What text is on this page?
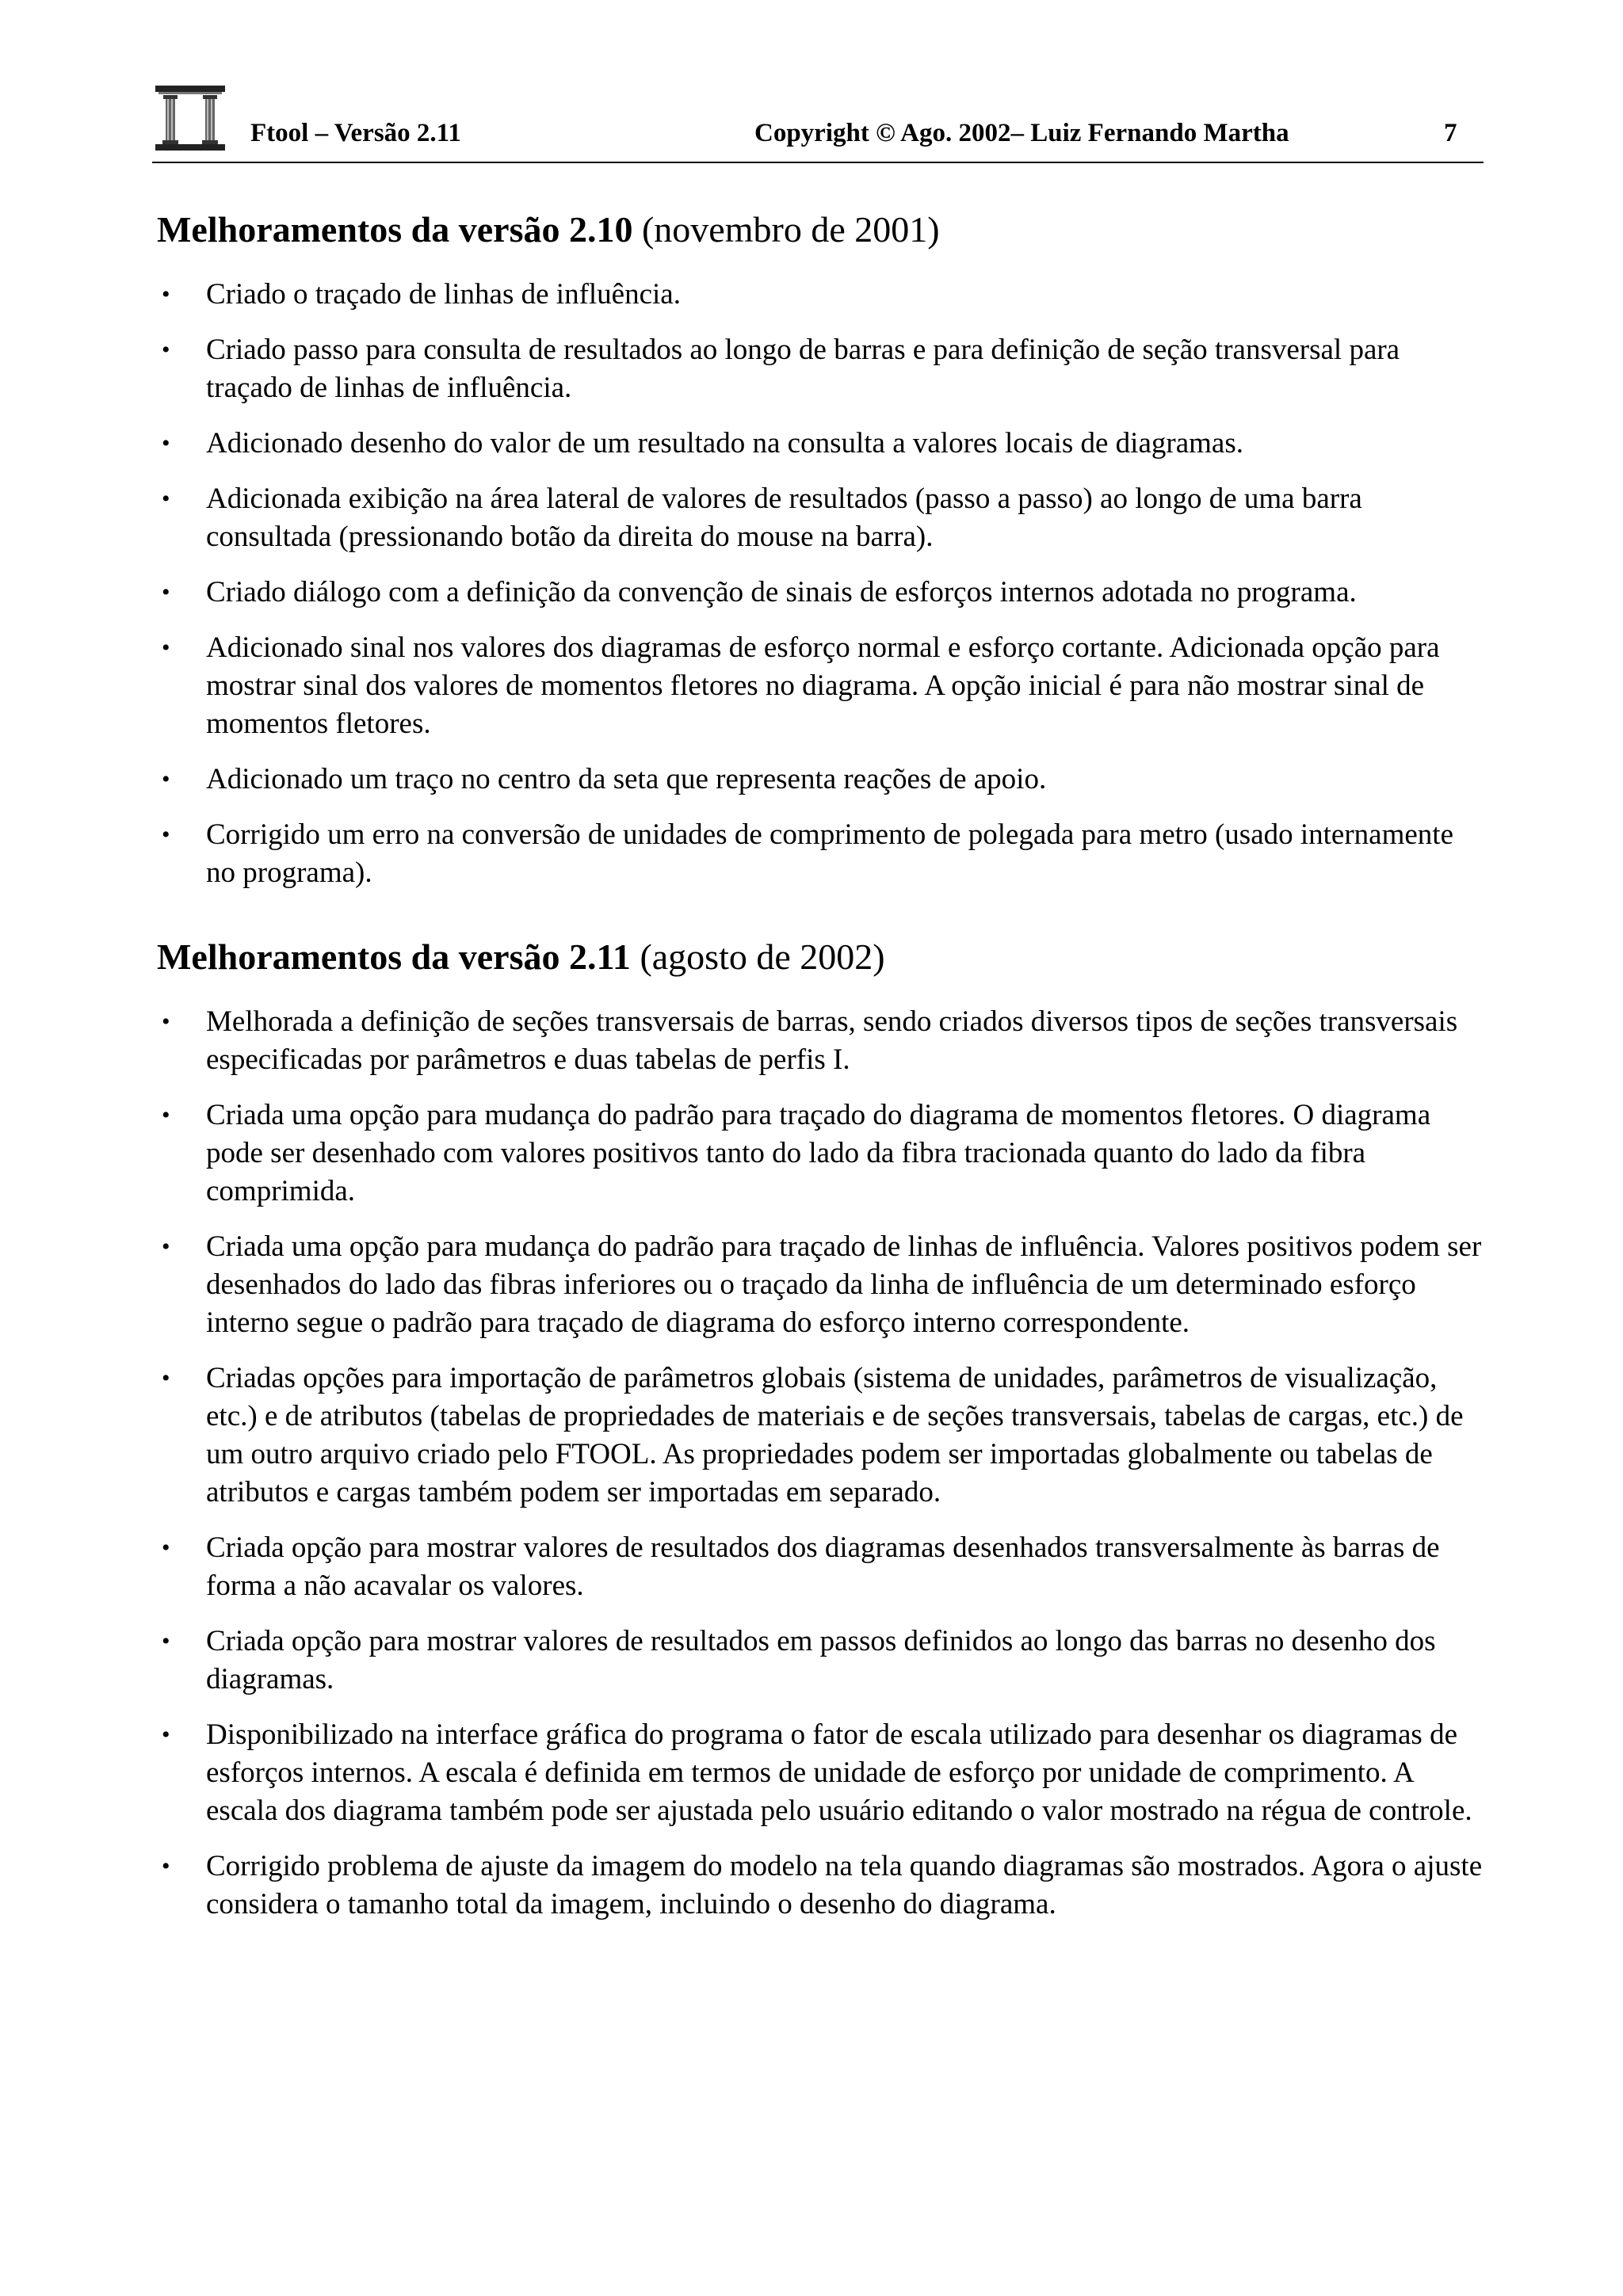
Ftool – Versão 2.11	Copyright © Ago. 2002– Luiz Fernando Martha	7
Melhoramentos da versão 2.10 (novembro de 2001)
• Criado o traçado de linhas de influência.
• Criado passo para consulta de resultados ao longo de barras e para definição de seção transversal para traçado de linhas de influência.
• Adicionado desenho do valor de um resultado na consulta a valores locais de diagramas.
• Adicionada exibição na área lateral de valores de resultados (passo a passo) ao longo de uma barra consultada (pressionando botão da direita do mouse na barra).
• Criado diálogo com a definição da convenção de sinais de esforços internos adotada no programa.
• Adicionado sinal nos valores dos diagramas de esforço normal e esforço cortante. Adicionada opção para mostrar sinal dos valores de momentos fletores no diagrama. A opção inicial é para não mostrar sinal de momentos fletores.
• Adicionado um traço no centro da seta que representa reações de apoio.
• Corrigido um erro na conversão de unidades de comprimento de polegada para metro (usado internamente no programa).
Melhoramentos da versão 2.11 (agosto de 2002)
• Melhorada a definição de seções transversais de barras, sendo criados diversos tipos de seções transversais especificadas por parâmetros e duas tabelas de perfis I.
• Criada uma opção para mudança do padrão para traçado do diagrama de momentos fletores. O diagrama pode ser desenhado com valores positivos tanto do lado da fibra tracionada quanto do lado da fibra comprimida.
• Criada uma opção para mudança do padrão para traçado de linhas de influência. Valores positivos podem ser desenhados do lado das fibras inferiores ou o traçado da linha de influência de um determinado esforço interno segue o padrão para traçado de diagrama do esforço interno correspondente.
• Criadas opções para importação de parâmetros globais (sistema de unidades, parâmetros de visualização, etc.) e de atributos (tabelas de propriedades de materiais e de seções transversais, tabelas de cargas, etc.) de um outro arquivo criado pelo FTOOL. As propriedades podem ser importadas globalmente ou tabelas de atributos e cargas também podem ser importadas em separado.
• Criada opção para mostrar valores de resultados dos diagramas desenhados transversalmente às barras de forma a não acavalar os valores.
• Criada opção para mostrar valores de resultados em passos definidos ao longo das barras no desenho dos diagramas.
• Disponibilizado na interface gráfica do programa o fator de escala utilizado para desenhar os diagramas de esforços internos. A escala é definida em termos de unidade de esforço por unidade de comprimento. A escala dos diagrama também pode ser ajustada pelo usuário editando o valor mostrado na régua de controle.
• Corrigido problema de ajuste da imagem do modelo na tela quando diagramas são mostrados. Agora o ajuste considera o tamanho total da imagem, incluindo o desenho do diagrama.
